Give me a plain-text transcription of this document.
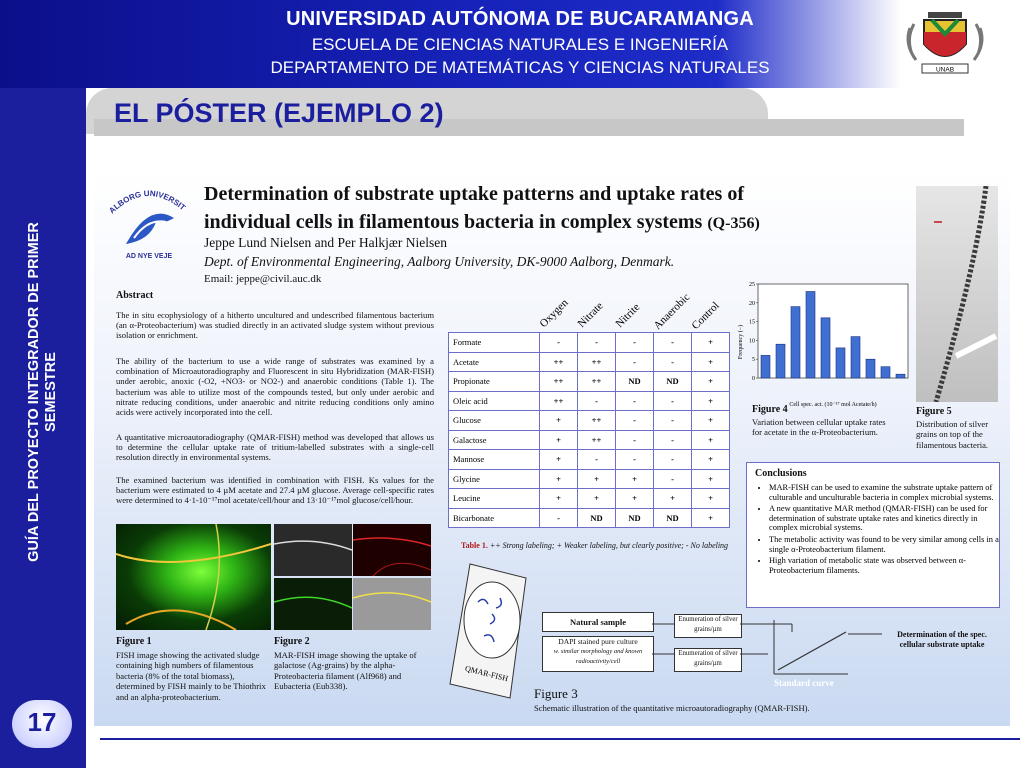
UNIVERSIDAD AUTÓNOMA DE BUCARAMANGA
ESCUELA DE CIENCIAS NATURALES E INGENIERÍA
DEPARTAMENTO DE MATEMÁTICAS Y CIENCIAS NATURALES	UNAB
GUÍA DEL PROYECTO INTEGRADOR DE PRIMER SEMESTRE
17
EL PÓSTER (EJEMPLO 2)
ALBORG UNIVERSIT
AD NYE VEJE
Determination of substrate uptake patterns and uptake rates of
individual cells in filamentous bacteria in complex systems (Q-356)
Jeppe Lund Nielsen and Per Halkjær Nielsen
Dept. of Environmental Engineering, Aalborg University, DK-9000 Aalborg, Denmark.
Email: jeppe@civil.auc.dk
Abstract
The in situ ecophysiology of a hitherto uncultured and undescribed filamentous bacterium (an α-Proteobacterium) was studied directly in an activated sludge system without previous isolation or enrichment.
The ability of the bacterium to use a wide range of substrates was examined by a combination of Microautoradiography and Fluorescent in situ Hybridization (MAR-FISH) under aerobic, anoxic (-O2, +NO3- or NO2-) and anaerobic conditions (Table 1). The bacterium was able to utilize most of the compounds tested, but only under aerobic and nitrate reducing conditions, under anaerobic and nitrite reducing conditions only amino acids were actively incorporated into the cell.
A quantitative microautoradiography (QMAR-FISH) method was developed that allows us to determine the cellular uptake rate of tritium-labelled substrates with a single-cell resolution directly in environmental systems.
The examined bacterium was identified in combination with FISH. Ks values for the bacterium were estimated to 4 µM acetate and 27.4 µM glucose. Average cell-specific rates were determined to 4·1-10⁻¹⁷mol acetate/cell/hour and 13·10⁻¹⁷mol glucose/cell/hour.
Figure 1
FISH image showing the activated sludge containing high numbers of filamentous bacteria (8% of the total biomass), determined by FISH mainly to be Thiothrix and an alpha-proteobacterium.
Figure 2
MAR-FISH image showing the uptake of galactose (Ag-grains) by the alpha-Proteobacteria filament (Alf968) and Eubacteria (Eub338).
Oxygen Nitrate Nitrite Anaerobic
Control
Formate	-	-	-	-	+
Acetate	++	++	-	-	+
Propionate	++	++	ND	ND	+
Oleic acid	++	-	-	-	+
Glucose	+	++	-	-	+
Galactose	+	++	-	-	+
Mannose	+	-	-	-	+
Glycine	+	+	+	-	+
Leucine	+	+	+	+	+
Bicarbonate	-	ND	ND	ND	+
Table 1. ++ Strong labeling; + Weaker labeling, but clearly positive; - No labeling
0
5
10
15
20
25
Frequency (−)
Cell spec. act. (10⁻¹⁷ mol Acetate/h)
Figure 4
Variation between cellular uptake rates for acetate in the α-Proteobacterium.
Figure 5
Distribution of silver grains on top of the filamentous bacteria.
Conclusions
• MAR-FISH can be used to examine the substrate uptake pattern of culturable and unculturable bacteria in complex microbial systems.
• A new quantitative MAR method (QMAR-FISH) can be used for determination of substrate uptake rates and kinetics directly in complex microbial systems.
• The metabolic activity was found to be very similar among cells in a single α-Proteobacterium filament.
• High variation of metabolic state was observed between α-Proteobacterium filaments.
QMAR-FISH
Natural sample
DAPI stained pure culture
w. similar morphology and known radioactivity/cell
Enumeration of silver grains/µm
Enumeration of silver grains/µm
Determination of the spec. cellular substrate uptake
Standard curve
Figure 3
Schematic illustration of the quantitative microautoradiography (QMAR-FISH).
